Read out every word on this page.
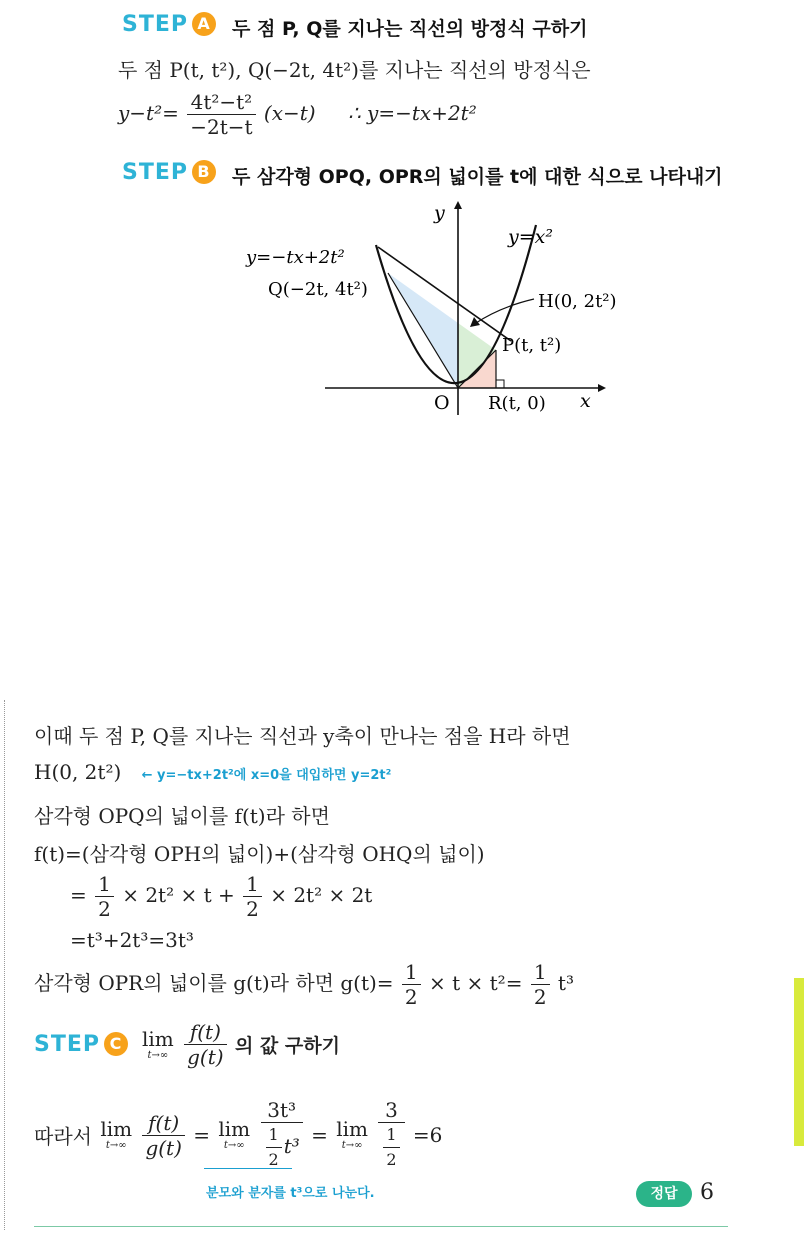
STEP A 두 점 P, Q를 지나는 직선의 방정식 구하기
두 점 P(t, t²), Q(−2t, 4t²)를 지나는 직선의 방정식은
$y-t^2= \frac{\text{4t²−t²}}{-2t-t} (x-t)$ ∴ y=−tx+2t²
STEP B 두 삼각형 OPQ, OPR의 넓이를 t에 대한 식으로 나타내기
y
x
O
y=x²
y=−tx+2t²
Q(−2t, 4t²)
H(0, 2t²)
P(t, t²)
R(t, 0)
이때 두 점 P, Q를 지나는 직선과 y축이 만나는 점을 H라 하면
H(0, 2t²) ← y=−tx+2t²에 x=0을 대입하면 y=2t²
삼각형 OPQ의 넓이를 f(t)라 하면
f(t)=(삼각형 OPH의 넓이)+(삼각형 OHQ의 넓이)
= $\frac{1}{2} \times 2t^2 \times t + \frac{1}{2} \times 2t^2 \times 2t$
=t³+2t³=3t³
삼각형 OPR의 넓이를 g(t)라 하면 $g(t)= \frac{1}{2} \times t \times t^2= \frac{1}{2} t^3$
STEP C lim
t→∞
$\frac{f(t)}{g(t)}$ 의 값 구하기
따라서 lim
t→∞
$\frac{f(t)}{g(t)} = \lim$
t→∞
$\frac{\text{3t³}}{\frac{1}{2} t^3} = \lim$
t→∞
$\frac{3}{\frac{1}{2}} =6$
분모와 분자를 t³으로 나눈다.	정답	6
